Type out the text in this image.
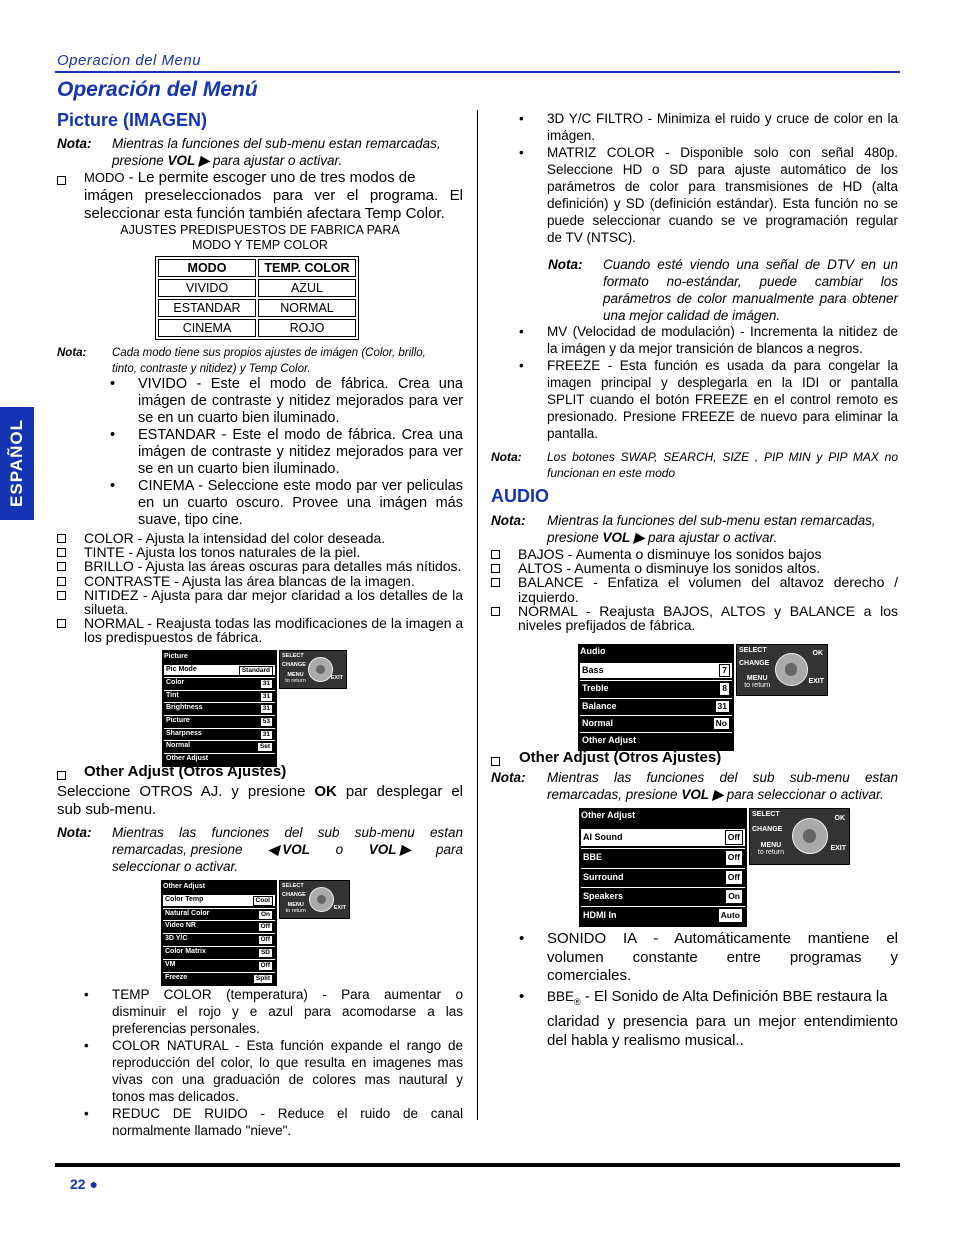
Operacion del Menu
Operación del Menú
ESPAÑOL
Picture (IMAGEN)
Nota: Mientras la funciones del sub-menu estan remarcadas,
presione VOL ▶ para ajustar o activar.
MODO - Le permite escoger uno de tres modos de
imágen preseleccionados para ver el programa. El
seleccionar esta función también afectara Temp Color.
AJUSTES PREDISPUESTOS DE FABRICA PARA
MODO Y TEMP COLOR
MODO	TEMP. COLOR
VIVIDO	AZUL
ESTANDAR	NORMAL
CINEMA	ROJO
Nota: Cada modo tiene sus propios ajustes de imágen (Color, brillo,
tinto, contraste y nitidez) y Temp Color.
• VIVIDO - Este el modo de fábrica. Crea una
imágen de contraste y nitidez mejorados para ver
se en un cuarto bien iluminado.
• ESTANDAR - Este el modo de fábrica. Crea una
imágen de contraste y nitidez mejorados para ver
se en un cuarto bien iluminado.
• CINEMA - Seleccione este modo par ver peliculas
en un cuarto oscuro. Provee una imágen más
suave, tipo cine.
COLOR - Ajusta la intensidad del color deseada.
TINTE - Ajusta los tonos naturales de la piel.
BRILLO - Ajusta las áreas oscuras para detalles más nítidos.
CONTRASTE - Ajusta las área blancas de la imagen.
NITIDEZ - Ajusta para dar mejor claridad a los detalles de la
silueta.
NORMAL - Reajusta todas las modificaciones de la imagen a
los predispuestos de fábrica.
Picture
Pic Mode	Standard
Color	31
Tint	31
Brightness	31
Picture	53
Sharpness	31
Normal	Set
Other Adjust
SELECT
CHANGE
MENU
to return	EXIT
Other Adjust (Otros Ajustes)
Seleccione OTROS AJ. y presione OK par desplegar el
sub sub-menu.
Nota: Mientras las funciones del sub sub-menu estan
remarcadas, presione ◀ VOL o VOL ▶ para
seleccionar o activar.
Other Adjust
Color Temp	Cool
Natural Color	On
Video NR	Off
3D Y/C	Off
Color Matrix	SD
VM	Off
Freeze	Split
SELECT
CHANGE
MENU
to return	EXIT
• TEMP COLOR (temperatura) - Para aumentar o
disminuir el rojo y e azul para acomodarse a las
preferencias personales.
• COLOR NATURAL - Esta función expande el rango de
reproducción del color, lo que resulta en imagenes mas
vivas con una graduación de colores mas nautural y
tonos mas delicados.
• REDUC DE RUIDO - Reduce el ruido de canal
normalmente llamado "nieve".
• 3D Y/C FILTRO - Minimiza el ruido y cruce de color en la
imágen.
• MATRIZ COLOR - Disponible solo con señal 480p.
Seleccione HD o SD para ajuste automático de los
parámetros de color para transmisiones de HD (alta
definición) y SD (definición estándar). Esta función no se
puede seleccionar cuando se ve programación regular
de TV (NTSC).
Nota: Cuando esté viendo una señal de DTV en un
formato no-estándar, puede cambiar los
parámetros de color manualmente para obtener
una mejor calidad de imágen.
• MV (Velocidad de modulación) - Incrementa la nitidez de
la imágen y da mejor transición de blancos a negros.
• FREEZE - Esta función es usada da para congelar la
imagen principal y desplegarla en la IDI or pantalla
SPLIT cuando el botón FREEZE en el control remoto es
presionado. Presione FREEZE de nuevo para eliminar la
pantalla.
Nota: Los botones SWAP, SEARCH, SIZE , PIP MIN y PIP MAX no
funcionan en este modo
AUDIO
Nota: Mientras la funciones del sub-menu estan remarcadas,
presione VOL ▶ para ajustar o activar.
BAJOS - Aumenta o disminuye los sonidos bajos
ALTOS - Aumenta o disminuye los sonidos altos.
BALANCE - Enfatiza el volumen del altavoz derecho /
izquierdo.
NORMAL - Reajusta BAJOS, ALTOS y BALANCE a los
niveles prefijados de fábrica.
Audio
Bass	7
Treble	8
Balance	31
Normal	No
Other Adjust
SELECT
CHANGE
OK
MENU
to return
EXIT
Other Adjust (Otros Ajustes)
Nota: Mientras las funciones del sub sub-menu estan
remarcadas, presione VOL ▶ para seleccionar o activar.
Other Adjust
AI Sound	Off
BBE	Off
Surround	Off
Speakers	On
HDMI In	Auto
SELECT
CHANGE
OK
MENU
to return
EXIT
• SONIDO IA - Automáticamente mantiene el
volumen constante entre programas y
comerciales.
• $BBE_®$ - El Sonido de Alta Definición BBE restaura la
claridad y presencia para un mejor entendimiento
del habla y realismo musical..
22 ●
